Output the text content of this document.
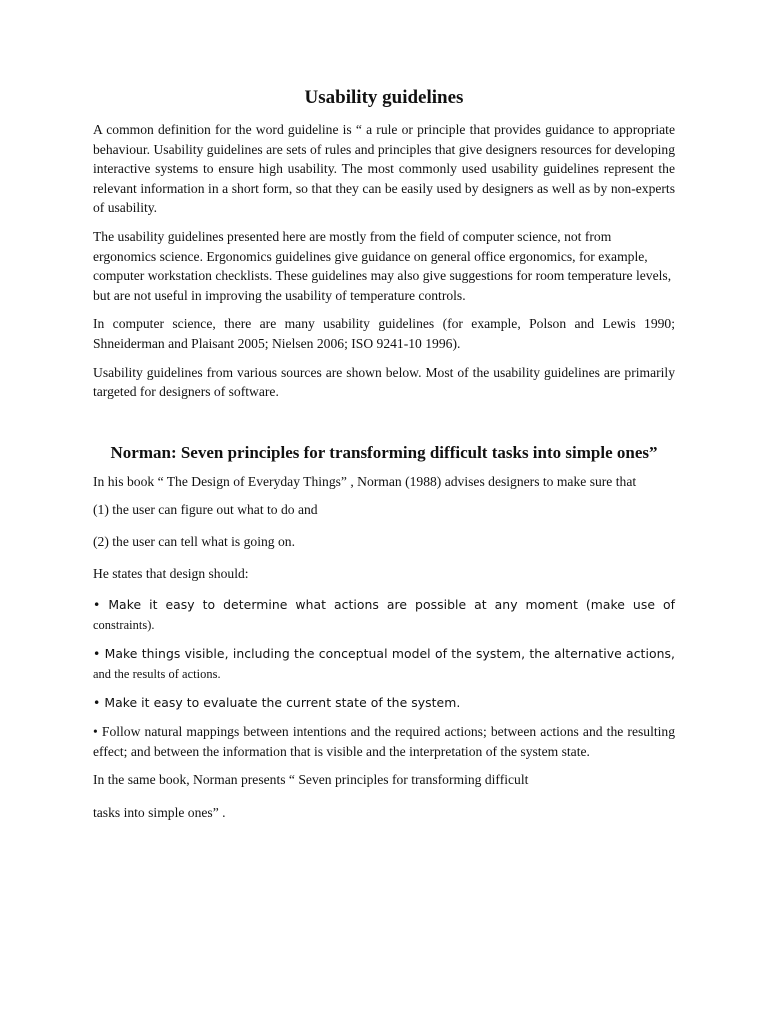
Usability guidelines

A common definition for the word guideline is “ a rule or principle that provides guidance to appropriate behaviour. Usability guidelines are sets of rules and principles that give designers resources for developing interactive systems to ensure high usability. The most commonly used usability guidelines represent the relevant information in a short form, so that they can be easily used by designers as well as by non-experts of usability.

The usability guidelines presented here are mostly from the field of computer science, not from ergonomics science. Ergonomics guidelines give guidance on general office ergonomics, for example, computer workstation checklists. These guidelines may also give suggestions for room temperature levels, but are not useful in improving the usability of temperature controls.

In computer science, there are many usability guidelines (for example, Polson and Lewis 1990; Shneiderman and Plaisant 2005; Nielsen 2006; ISO 9241-10 1996).

Usability guidelines from various sources are shown below. Most of the usability guidelines are primarily targeted for designers of software.

Norman: Seven principles for transforming difficult tasks into simple ones”

In his book “ The Design of Everyday Things” , Norman (1988) advises designers to make sure that

(1) the user can figure out what to do and

(2) the user can tell what is going on.

He states that design should:

• Make it easy to determine what actions are possible at any moment (make use of constraints).

• Make things visible, including the conceptual model of the system, the alternative actions, and the results of actions.

• Make it easy to evaluate the current state of the system.

• Follow natural mappings between intentions and the required actions; between actions and the resulting effect; and between the information that is visible and the interpretation of the system state.

In the same book, Norman presents “ Seven principles for transforming difficult

tasks into simple ones” .
